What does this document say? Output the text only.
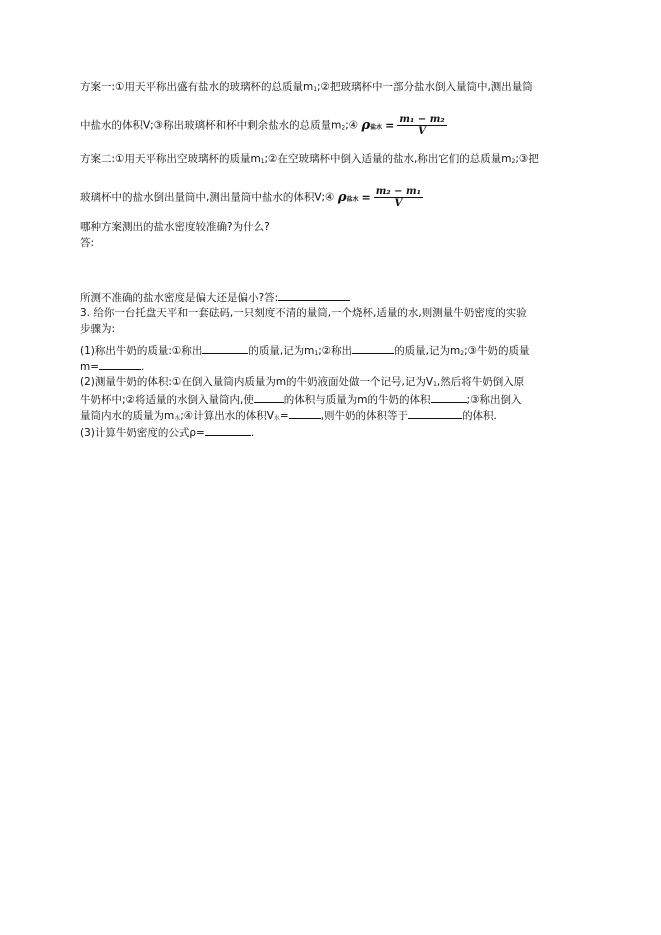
方案一:①用天平称出盛有盐水的玻璃杯的总质量m1;②把玻璃杯中一部分盐水倒入量筒中,测出量筒
中盐水的体积V;③称出玻璃杯和杯中剩余盐水的总质量m2;④ ρ盐水 = $\frac{\text{m₁ − m₂}}{V}$
方案二:①用天平称出空玻璃杯的质量m1;②在空玻璃杯中倒入适量的盐水,称出它们的总质量m2;③把
玻璃杯中的盐水倒出量筒中,测出量筒中盐水的体积V;④ ρ盐水 = $\frac{\text{m₂ − m₁}}{V}$
哪种方案测出的盐水密度较准确?为什么?
答:
所测不准确的盐水密度是偏大还是偏小?答:
3. 给你一台托盘天平和一套砝码,一只刻度不清的量筒,一个烧杯,适量的水,则测量牛奶密度的实验
步骤为:
(1)称出牛奶的质量:①称出	的质量,记为m1;②称出	的质量,记为m2;③牛奶的质量
m=	.
(2)测量牛奶的体积:①在倒入量筒内质量为m的牛奶液面处做一个记号,记为V1,然后将牛奶倒入原
牛奶杯中;②将适量的水倒入量筒内,使	的体积与质量为m的牛奶的体积	;③称出倒入
量筒内水的质量为m水;④计算出水的体积V水=	,则牛奶的体积等于	的体积.
(3)计算牛奶密度的公式ρ=	.
